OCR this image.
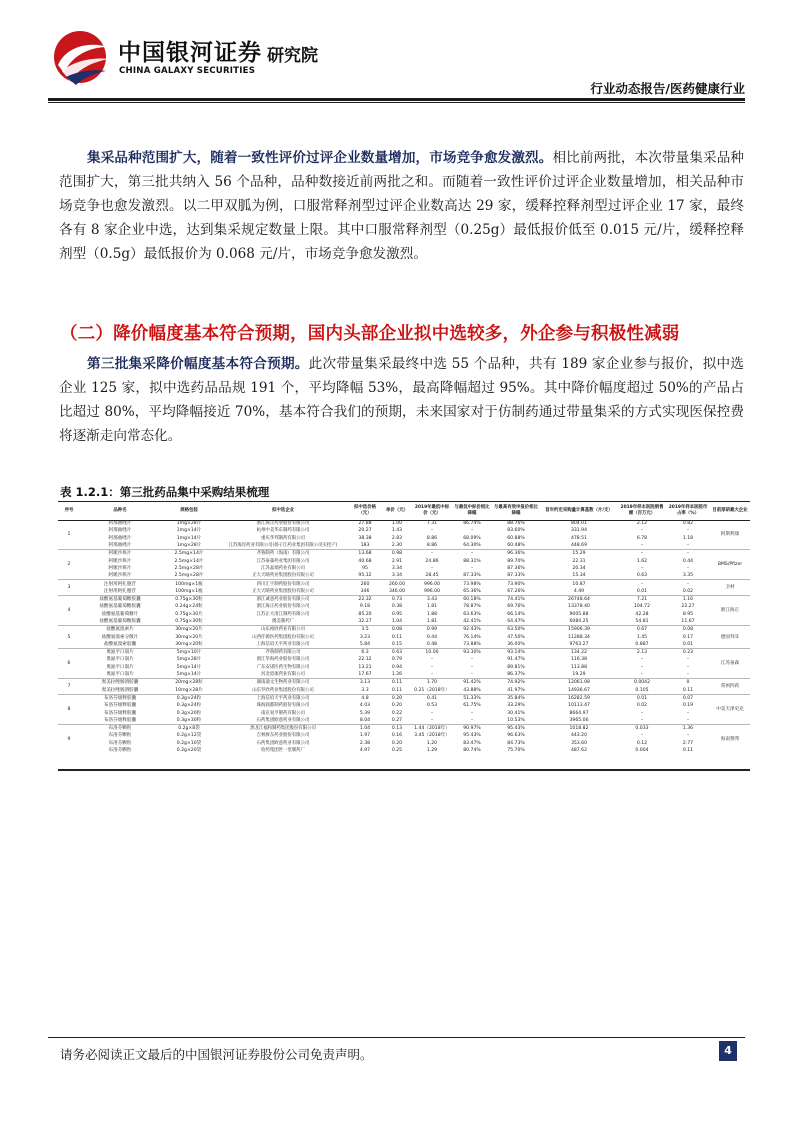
中国银河证券
CHINA GALAXY SECURITIES
研究院
行业动态报告/医药健康行业

集采品种范围扩大，随着一致性评价过评企业数量增加，市场竞争愈发激烈。相比前两批，本次带量集采品种范围扩大，第三批共纳入 56 个品种，品种数接近前两批之和。而随着一致性评价过评企业数量增加，相关品种市场竞争也愈发激烈。以二甲双胍为例，口服常释剂型过评企业数高达 29 家，缓释控释剂型过评企业 17 家，最终各有 8 家企业中选，达到集采规定数量上限。其中口服常释剂型（0.25g）最低报价低至 0.015 元/片，缓释控释剂型（0.5g）最低报价为 0.068 元/片，市场竞争愈发激烈。

（二）降价幅度基本符合预期，国内头部企业拟中选较多，外企参与积极性减弱

第三批集采降价幅度基本符合预期。此次带量集采最终中选 55 个品种，共有 189 家企业参与报价，拟中选企业 125 家，拟中选药品品规 191 个，平均降幅 53%，最高降幅超过 95%。其中降价幅度超过 50%的产品占比超过 80%，平均降幅接近 70%，基本符合我们的预期，未来国家对于仿制药通过带量集采的方式实现医保控费将逐渐走向常态化。

表 1.2.1：第三批药品集中采购结果梳理
序号	品种名	规格包装	拟中选企业	拟中选价格（元）	单价（元）	2019年最低中标价（元）	与最低中标价相比降幅	与最高有效申报价相比降幅	首年约定采购量计算基数（片/支）	2019年样本医院销售额（百万元）	2019年样本医院市占率（%）	目前原研最大企业
1	阿那曲唑片	1mg×28片	浙江海正药业股份有限公司	27.88	1.00	7.31	86.74%	88.76%	804.01	2.12	0.82	阿斯利康
	阿那曲唑片	1mg×14片	杭州中美华东制药有限公司	20.27	1.43	–	–	83.60%	331.94	–	–	
	阿那曲唑片	1mg×14片	重庆华邦制药有限公司	38.38	2.83	8.86	68.09%	60.88%	478.51	6.78	1.18	
	阿那曲唑片	1mg×28片	江苏海岸药业有限公司(扬子江药业集团有限公司实控产)	183	2.30	8.86	64.30%	60.48%	448.69	–	–	
2	阿哌沙班片	2.5mg×14片	齐鲁制药（海南）有限公司	13.68	0.98	–	–	96.36%	15.29	–	–	BMS/Pfizer
	阿哌沙班片	2.5mg×14片	江苏豪森药业集团有限公司	40.68	2.91	24.86	88.31%	89.70%	22.31	1.62	0.44	
	阿哌沙班片	2.5mg×28片	江苏晶瑞药业有限公司	95	3.34	–	–	87.36%	20.34	–	–	
	阿哌沙班片	2.5mg×28片	正大天晴药业集团股份有限公司	95.12	3.34	28.45	87.33%	87.33%	15.34	0.63	3.35	
3	注射用阿扎胞苷	100mg×1瓶	四川汇宇制药股份有限公司	260	260.00	996.00	73.98%	73.90%	10.87	–	–	卫材
	注射用阿扎胞苷	100mg×1瓶	正大天晴药业集团股份有限公司	346	346.00	996.00	65.36%	67.26%	4.49	0.01	0.02	
4	盐酸氨基葡萄糖胶囊	0.75g×30粒	浙江诚意药业股份有限公司	22.32	0.73	3.43	60.18%	74.41%	26748.64	7.21	1.16	浙江海正
	盐酸氨基葡萄糖胶囊	0.24g×24粒	浙江海正药业股份有限公司	9.18	0.38	1.81	78.87%	69.76%	13378.40	104.72	22.27	
	盐酸氨基葡萄糖片	0.75g×30片	江苏正大清江制药有限公司	85.20	0.95	1.88	63.63%	66.14%	9005.88	42.28	8.95	
	盐酸氨基葡萄糖胶囊	0.75g×30粒	澳美制药厂	32.27	1.04	1.81	42.41%	64.47%	6084.25	54.81	11.67	
5	盐酸氨溴索片	30mg×20片	山东裕欣药业有限公司	3.5	0.08	0.99	92.43%	63.50%	15906.39	0.67	0.08	德国拜耳
	盐酸氨溴索分散片	30mg×20片	山西仟源医药集团股份有限公司	3.23	0.11	0.44	76.14%	47.50%	11288.34	1.45	0.17	
	盐酸氨溴索胶囊	30mg×20粒	上海信谊天平药业有限公司	5.84	0.15	0.48	73.88%	36.00%	9763.27	0.887	0.01	
6	奥氮平口崩片	5mg×10片	齐鲁制药有限公司	6.3	0.63	10.00	93.30%	93.14%	134.22	2.13	0.23	江苏豪森
	奥氮平口崩片	5mg×28片	浙江华海药业股份有限公司	22.12	0.79	–	–	91.47%	116.38	–	–	
	奥氮平口崩片	5mg×14片	广东安诺医药生物有限公司	13.21	0.94	–	–	89.81%	113.88	–	–	
	奥氮平口崩片	5mg×14片	河北恩康药业有限公司	17.67	1.26	–	–	86.37%	19.29	–	–	
7	奥美拉唑肠溶胶囊	20mg×28粒	湖南迪文生物药业有限公司	3.13	0.11	1.70	91.42%	74.92%	12061.08	0.0042	0	常州四药
	奥美拉唑肠溶胶囊	10mg×28片	山东罗欣药业集团股份有限公司	3.3	0.11	0.21（2018年）	43.88%	41.97%	14936.67	0.105	0.11	
8	布洛芬缓释胶囊	0.3g×24粒	上海信谊天平药业有限公司	4.8	0.20	0.41	51.33%	35.84%	16282.59	0.01	0.07	中美天津史克
	布洛芬缓释胶囊	0.3g×24粒	珠海润都制药股份有限公司	4.03	0.20	0.53	61.75%	33.29%	10113.47	0.02	0.19	
	布洛芬缓释胶囊	0.3g×20粒	南京易亨制药有限公司	5.39	0.22	–	–	30.41%	8664.97	–	–	
	布洛芬缓释胶囊	0.3g×30粒	石药集团欧意药业有限公司	8.04	0.27	–	–	10.53%	3965.06	–	–	
9	布洛芬颗粒	0.2g×8袋	黑龙江福和制药集团股份有限公司	1.04	0.13	1.44（2018年）	90.97%	95.43%	1018.82	0.033	1.36	海南赞邦
	布洛芬颗粒	0.2g×12袋	吉林敖东药业股份有限公司	1.97	0.16	3.45（2018年）	95.43%	96.63%	443.20	–	–	
	布洛芬颗粒	0.2g×10袋	石药集团欧意药业有限公司	2.38	0.20	1.20	83.47%	84.73%	353.60	0.12	2.77	
	布洛芬颗粒	0.2g×20袋	哈药集团世一堂制药厂	4.97	0.25	1.29	80.74%	75.70%	487.62	0.004	0.11	
请务必阅读正文最后的中国银河证券股份公司免责声明。	4
